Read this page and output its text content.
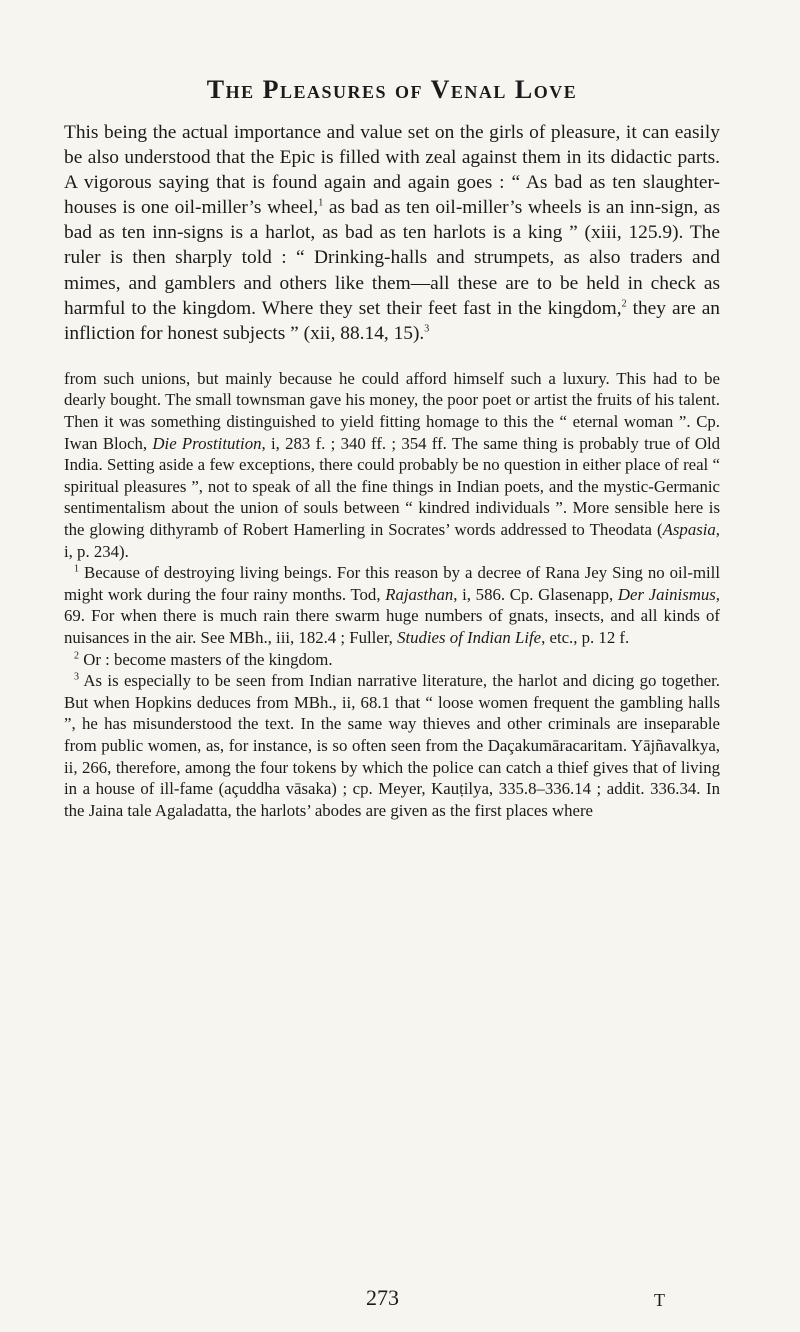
The Pleasures of Venal Love

This being the actual importance and value set on the girls of pleasure, it can easily be also understood that the Epic is filled with zeal against them in its didactic parts. A vigorous saying that is found again and again goes : “ As bad as ten slaughter-houses is one oil-miller’s wheel,$^1$ as bad as ten oil-miller’s wheels is an inn-sign, as bad as ten inn-signs is a harlot, as bad as ten harlots is a king ” (xiii, 125.9). The ruler is then sharply told : “ Drinking-halls and strumpets, as also traders and mimes, and gamblers and others like them—all these are to be held in check as harmful to the kingdom. Where they set their feet fast in the kingdom,$^2$ they are an infliction for honest subjects ” (xii, 88.14, 15).$^3$

from such unions, but mainly because he could afford himself such a luxury. This had to be dearly bought. The small townsman gave his money, the poor poet or artist the fruits of his talent. Then it was something distinguished to yield fitting homage to this the “ eternal woman ”. Cp. Iwan Bloch, Die Prostitution, i, 283 f. ; 340 ff. ; 354 ff. The same thing is probably true of Old India. Setting aside a few exceptions, there could probably be no question in either place of real “ spiritual pleasures ”, not to speak of all the fine things in Indian poets, and the mystic-Germanic sentimentalism about the union of souls between “ kindred individuals ”. More sensible here is the glowing dithyramb of Robert Hamerling in Socrates’ words addressed to Theodata (Aspasia, i, p. 234).

$^1$ Because of destroying living beings. For this reason by a decree of Rana Jey Sing no oil-mill might work during the four rainy months. Tod, Rajasthan, i, 586. Cp. Glasenapp, Der Jainismus, 69. For when there is much rain there swarm huge numbers of gnats, insects, and all kinds of nuisances in the air. See MBh., iii, 182.4 ; Fuller, Studies of Indian Life, etc., p. 12 f.

$^2$ Or : become masters of the kingdom.

$^3$ As is especially to be seen from Indian narrative literature, the harlot and dicing go together. But when Hopkins deduces from MBh., ii, 68.1 that “ loose women frequent the gambling halls ”, he has misunderstood the text. In the same way thieves and other criminals are inseparable from public women, as, for instance, is so often seen from the Daçakumāracaritam. Yājñavalkya, ii, 266, therefore, among the four tokens by which the police can catch a thief gives that of living in a house of ill-fame (açuddha vāsaka) ; cp. Meyer, Kauṭilya, 335.8–336.14 ; addit. 336.34. In the Jaina tale Agaladatta, the harlots’ abodes are given as the first places where

273	T
